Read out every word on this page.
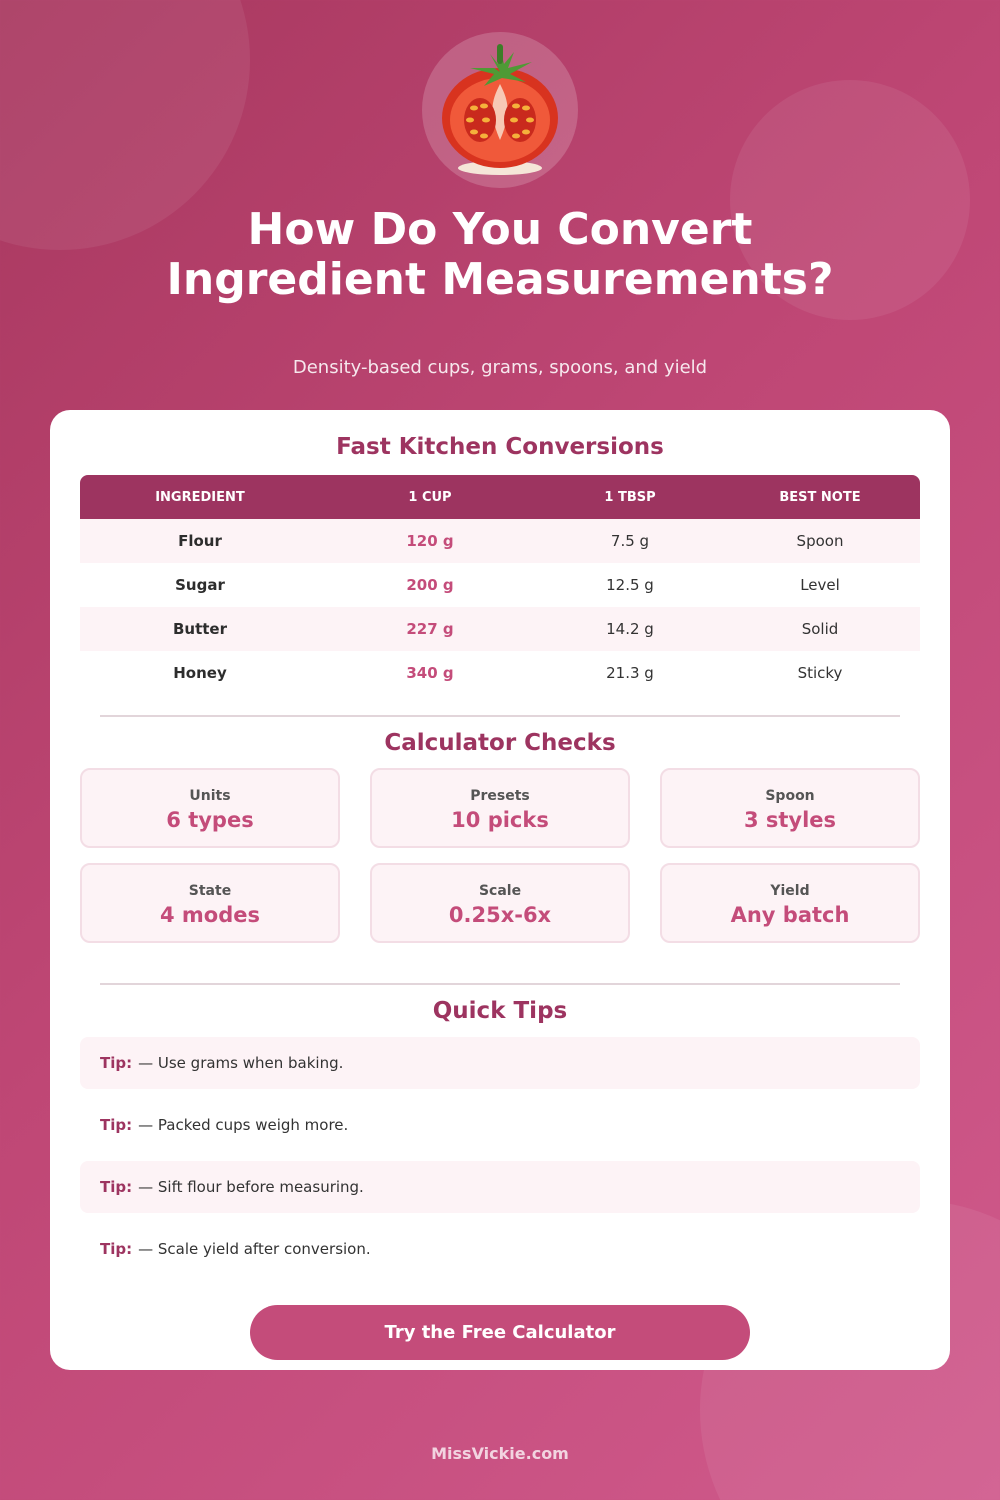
How Do You Convert
Ingredient Measurements?
Density-based cups, grams, spoons, and yield
Fast Kitchen Conversions
INGREDIENT	1 CUP	1 TBSP	BEST NOTE
Flour	120 g	7.5 g	Spoon
Sugar	200 g	12.5 g	Level
Butter	227 g	14.2 g	Solid
Honey	340 g	21.3 g	Sticky
Calculator Checks
Units
6 types
Presets
10 picks
Spoon
3 styles
State
4 modes
Scale
0.25x-6x
Yield
Any batch
Quick Tips
Tip: — Use grams when baking.
Tip: — Packed cups weigh more.
Tip: — Sift flour before measuring.
Tip: — Scale yield after conversion.
Try the Free Calculator
MissVickie.com
